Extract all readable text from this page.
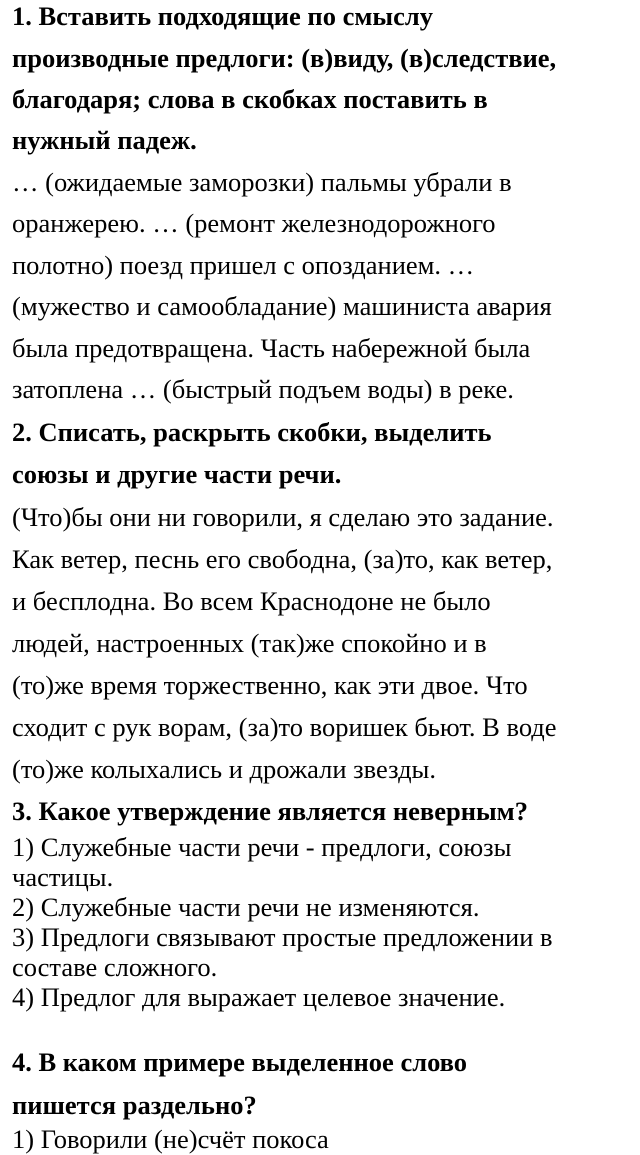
1. Вставить подходящие по смыслу
производные предлоги: (в)виду, (в)следствие,
благодаря; слова в скобках поставить в
нужный падеж.
… (ожидаемые заморозки) пальмы убрали в
оранжерею. … (ремонт железнодорожного
полотно) поезд пришел с опозданием. …
(мужество и самообладание) машиниста авария
была предотвращена. Часть набережной была
затоплена … (быстрый подъем воды) в реке.
2. Списать, раскрыть скобки, выделить
союзы и другие части речи.
(Что)бы они ни говорили, я сделаю это задание.
Как ветер, песнь его свободна, (за)то, как ветер,
и бесплодна. Во всем Краснодоне не было
людей, настроенных (так)же спокойно и в
(то)же время торжественно, как эти двое. Что
сходит с рук ворам, (за)то воришек бьют. В воде
(то)же колыхались и дрожали звезды.
3. Какое утверждение является неверным?
1) Служебные части речи - предлоги, союзы
частицы.
2) Служебные части речи не изменяются.
3) Предлоги связывают простые предложении в
составе сложного.
4) Предлог для выражает целевое значение.
4. В каком примере выделенное слово
пишется раздельно?
1) Говорили (не)счёт покоса
